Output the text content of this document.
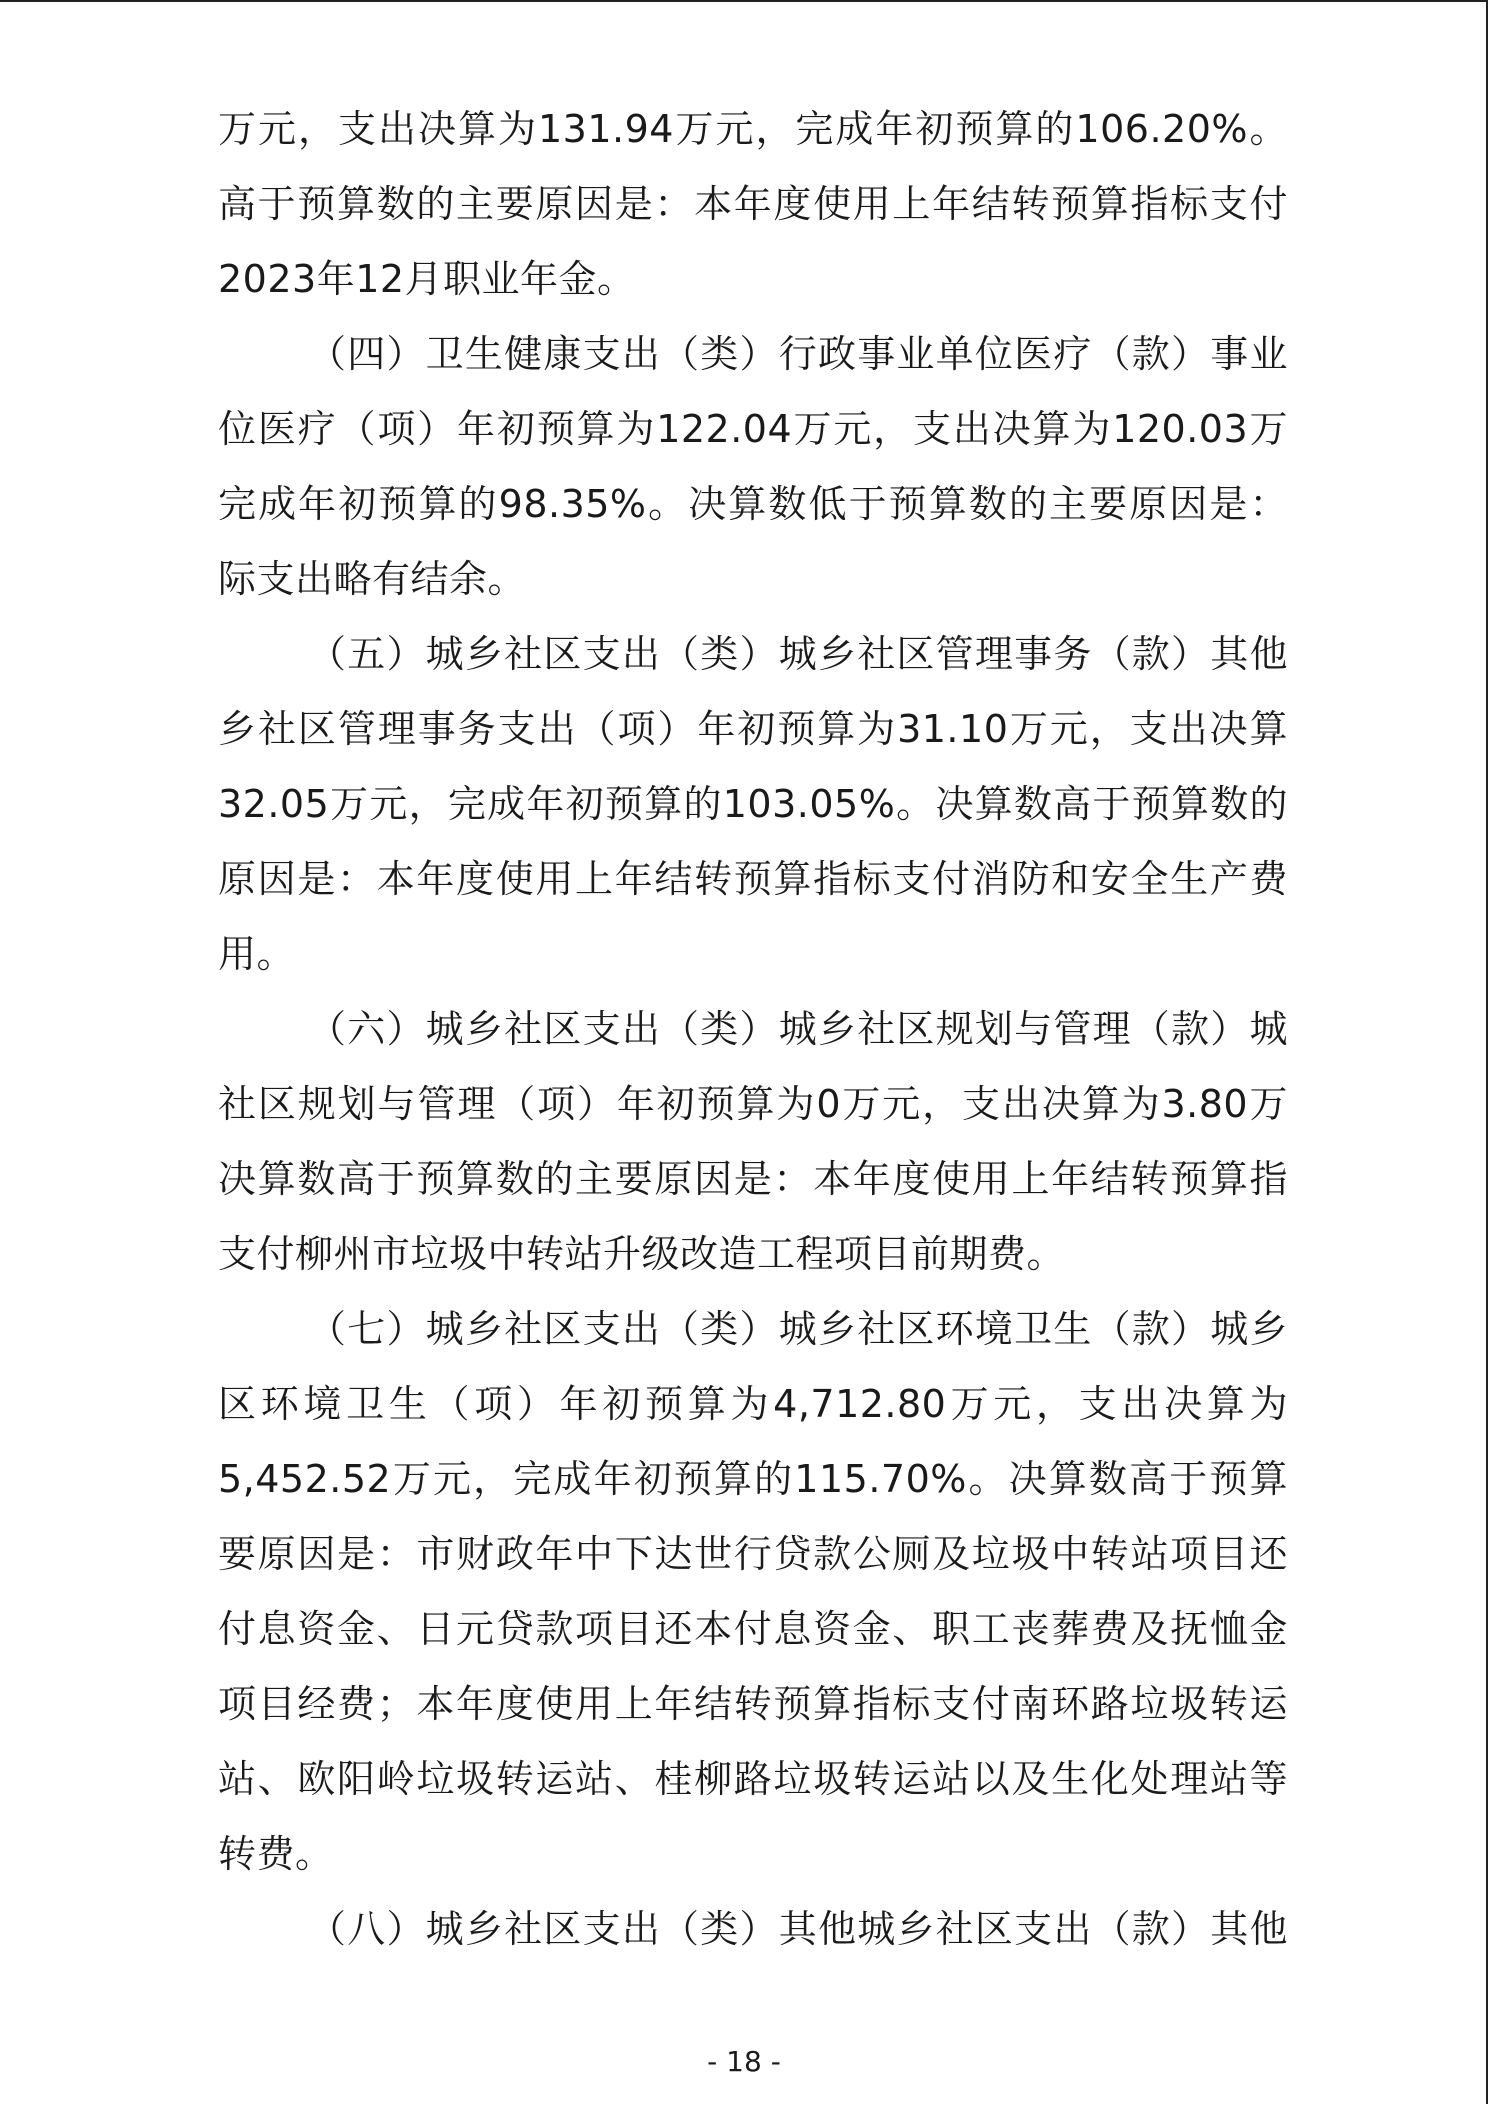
万元，支出决算为131.94万元，完成年初预算的106.20%。
高于预算数的主要原因是：本年度使用上年结转预算指标支付
2023年12月职业年金。
（四）卫生健康支出（类）行政事业单位医疗（款）事业
位医疗（项）年初预算为122.04万元，支出决算为120.03万
完成年初预算的98.35%。决算数低于预算数的主要原因是：
际支出略有结余。
（五）城乡社区支出（类）城乡社区管理事务（款）其他
乡社区管理事务支出（项）年初预算为31.10万元，支出决算
32.05万元，完成年初预算的103.05%。决算数高于预算数的
原因是：本年度使用上年结转预算指标支付消防和安全生产费
用。
（六）城乡社区支出（类）城乡社区规划与管理（款）城
社区规划与管理（项）年初预算为0万元，支出决算为3.80万
决算数高于预算数的主要原因是：本年度使用上年结转预算指
支付柳州市垃圾中转站升级改造工程项目前期费。
（七）城乡社区支出（类）城乡社区环境卫生（款）城乡
区环境卫生（项）年初预算为4,712.80万元，支出决算为
5,452.52万元，完成年初预算的115.70%。决算数高于预算
要原因是：市财政年中下达世行贷款公厕及垃圾中转站项目还
付息资金、日元贷款项目还本付息资金、职工丧葬费及抚恤金
项目经费；本年度使用上年结转预算指标支付南环路垃圾转运
站、欧阳岭垃圾转运站、桂柳路垃圾转运站以及生化处理站等
转费。
（八）城乡社区支出（类）其他城乡社区支出（款）其他
- 18 -
